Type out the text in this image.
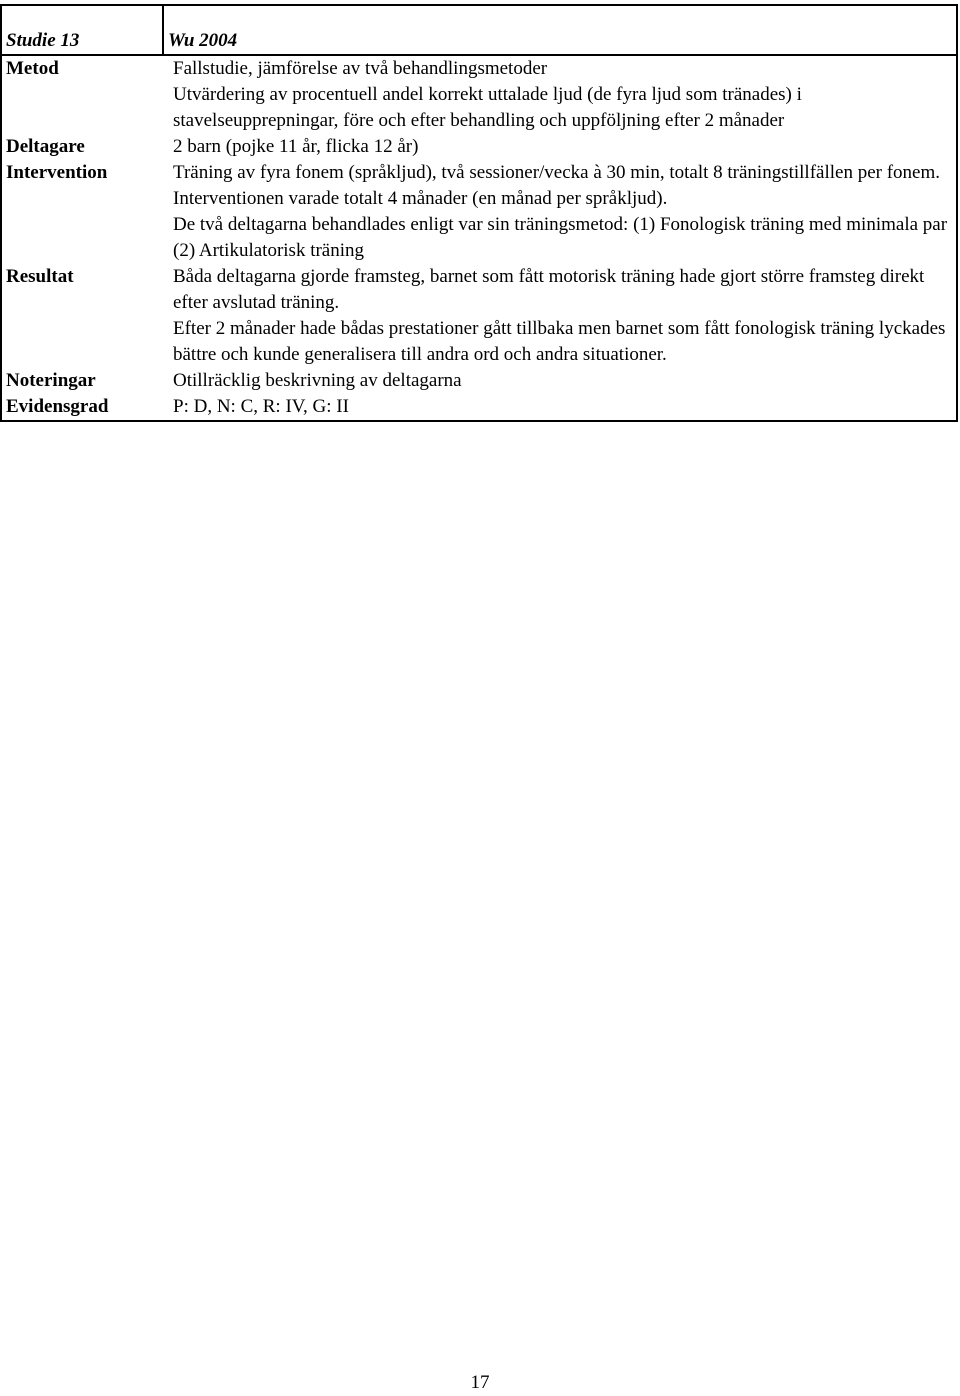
Studie 13	Wu 2004
Metod	Fallstudie, jämförelse av två behandlingsmetoder
Utvärdering av procentuell andel korrekt uttalade ljud (de fyra ljud som tränades) i stavelseupprepningar, före och efter behandling och uppföljning efter 2 månader

Deltagare	2 barn (pojke 11 år, flicka 12 år)

Intervention	Träning av fyra fonem (språkljud), två sessioner/vecka à 30 min, totalt 8 träningstillfällen per fonem. Interventionen varade totalt 4 månader (en månad per språkljud).
De två deltagarna behandlades enligt var sin träningsmetod: (1) Fonologisk träning med minimala par (2) Artikulatorisk träning

Resultat	Båda deltagarna gjorde framsteg, barnet som fått motorisk träning hade gjort större framsteg direkt efter avslutad träning.
Efter 2 månader hade bådas prestationer gått tillbaka men barnet som fått fonologisk träning lyckades bättre och kunde generalisera till andra ord och andra situationer.

Noteringar	Otillräcklig beskrivning av deltagarna

Evidensgrad	P: D, N: C, R: IV, G: II
17
